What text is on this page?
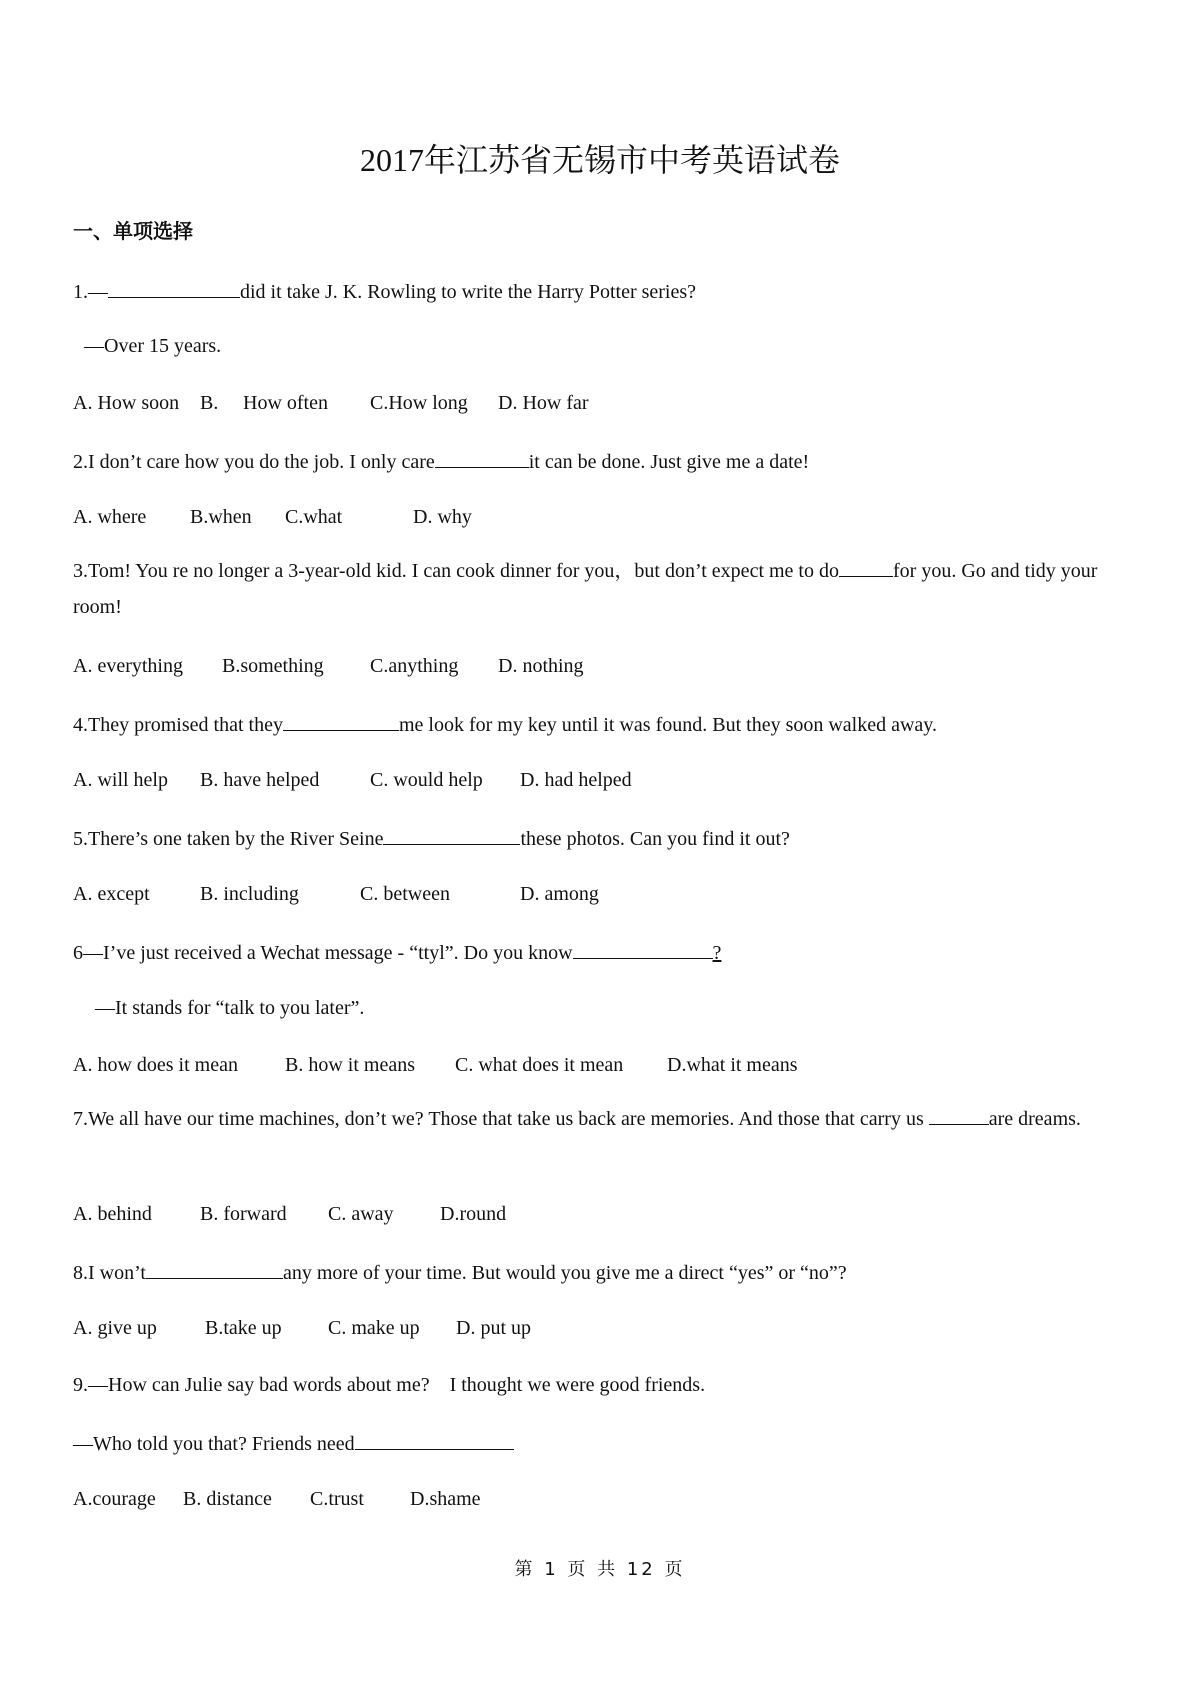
2017年江苏省无锡市中考英语试卷
一、单项选择
1.—	did it take J. K. Rowling to write the Harry Potter series?
—Over 15 years.
A. How soon B. How often C.How long D. How far
2.I don’t care how you do the job. I only care	it can be done. Just give me a date!
A. where B.when C.what	D. why
3.Tom! You re no longer a 3-year-old kid. I can cook dinner for you，but don’t expect me to do	for you. Go and tidy your room!
A. everything B.something C.anything D. nothing
4.They promised that they	me look for my key until it was found. But they soon walked away.
A. will help B. have helped	C. would help D. had helped
5.There’s one taken by the River Seine	these photos. Can you find it out?
A. except	B. including	C. between	D. among
6—I’ve just received a Wechat message - “ttyl”. Do you know	?
—It stands for “talk to you later”.
A. how does it mean B. how it means C. what does it mean D.what it means
7.We all have our time machines, don’t we? Those that take us back are memories. And those that carry us	are dreams.
A. behind B. forward C. away D.round
8.I won’t	any more of your time. But would you give me a direct “yes” or “no”?
A. give up B.take up C. make up D. put up
9.—How can Julie say bad words about me?　I thought we were good friends.
—Who told you that? Friends need
A.courage B. distance C.trust D.shame
第 1 页 共 12 页
